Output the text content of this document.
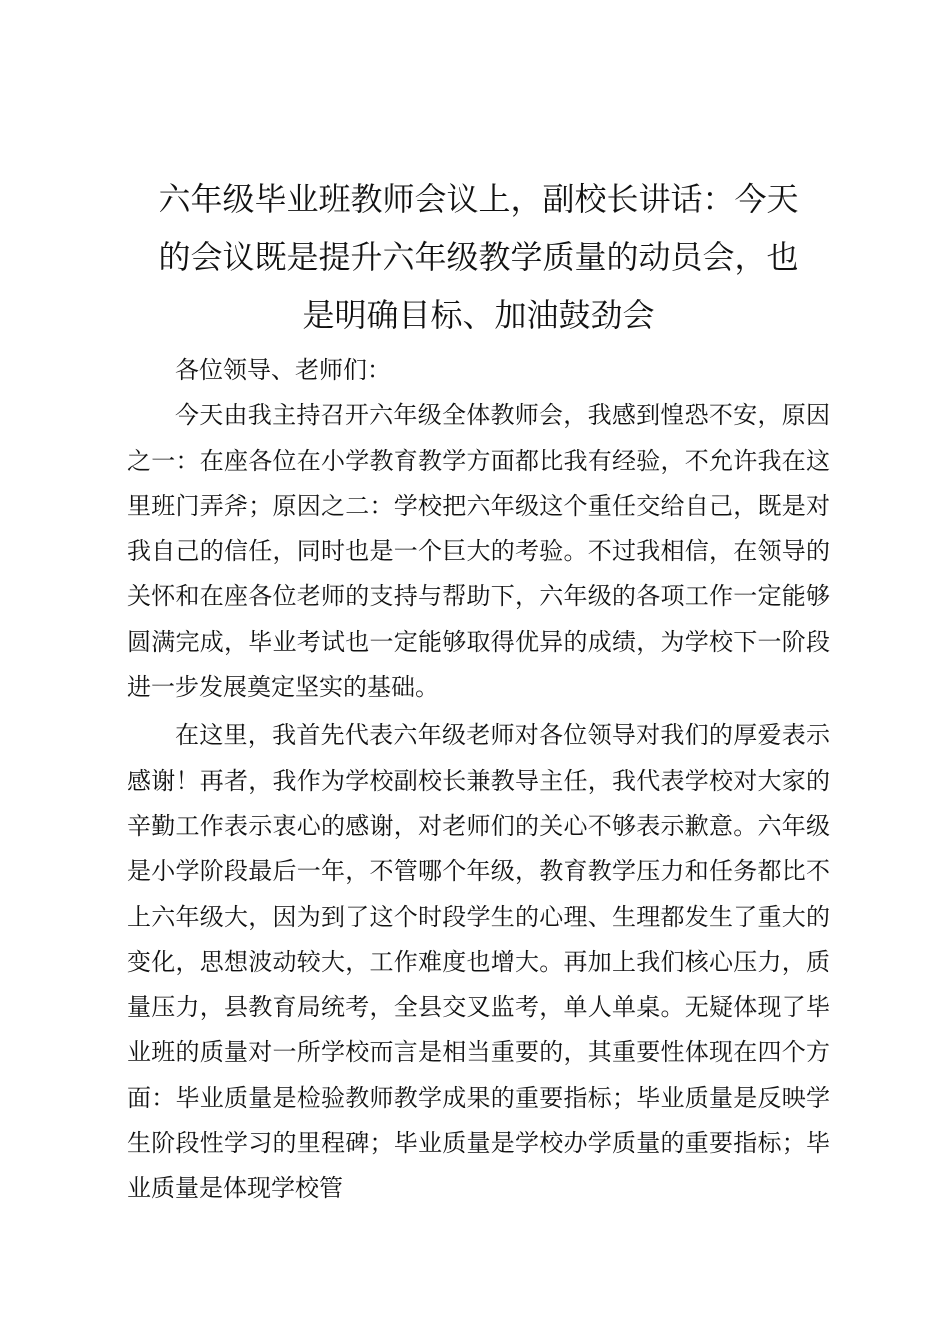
六年级毕业班教师会议上，副校长讲话：今天
的会议既是提升六年级教学质量的动员会，也
是明确目标、加油鼓劲会

各位领导、老师们：

今天由我主持召开六年级全体教师会，我感到惶恐不安，原因之一：在座各位在小学教育教学方面都比我有经验，不允许我在这里班门弄斧；原因之二：学校把六年级这个重任交给自己，既是对我自己的信任，同时也是一个巨大的考验。不过我相信，在领导的关怀和在座各位老师的支持与帮助下，六年级的各项工作一定能够圆满完成，毕业考试也一定能够取得优异的成绩，为学校下一阶段进一步发展奠定坚实的基础。

在这里，我首先代表六年级老师对各位领导对我们的厚爱表示感谢！再者，我作为学校副校长兼教导主任，我代表学校对大家的辛勤工作表示衷心的感谢，对老师们的关心不够表示歉意。六年级是小学阶段最后一年，不管哪个年级，教育教学压力和任务都比不上六年级大，因为到了这个时段学生的心理、生理都发生了重大的变化，思想波动较大，工作难度也增大。再加上我们核心压力，质量压力，县教育局统考，全县交叉监考，单人单桌。无疑体现了毕业班的质量对一所学校而言是相当重要的，其重要性体现在四个方面：毕业质量是检验教师教学成果的重要指标；毕业质量是反映学生阶段性学习的里程碑；毕业质量是学校办学质量的重要指标；毕业质量是体现学校管
